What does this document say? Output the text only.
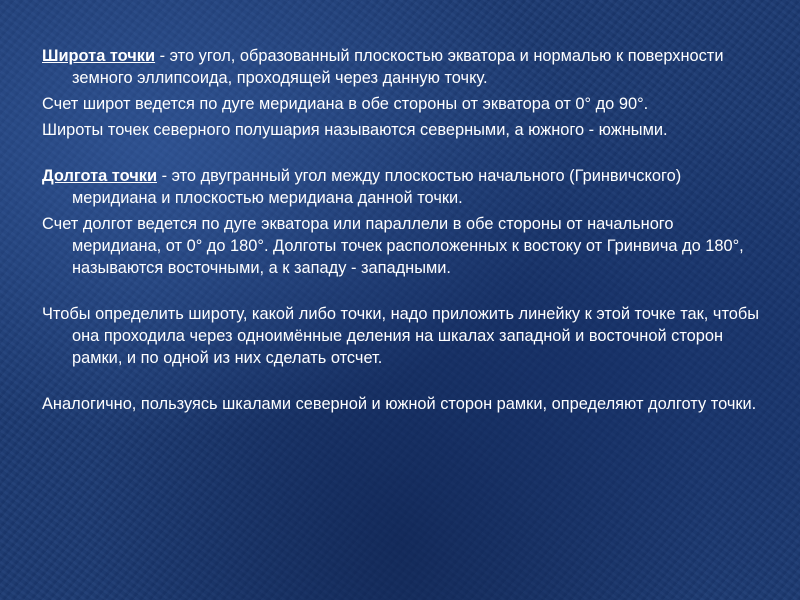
Широта точки - это угол, образованный плоскостью экватора и нормалью к поверхности земного эллипсоида, проходящей через данную точку.

Счет широт ведется по дуге меридиана в обе стороны от экватора от 0° до 90°.

Широты точек северного полушария называются северными, а южного - южными.

Долгота точки - это двугранный угол между плоскостью начального (Гринвичского) меридиана и плоскостью меридиана данной точки.

Счет долгот ведется по дуге экватора или параллели в обе стороны от начального меридиана, от 0° до 180°. Долготы точек расположенных к востоку от Гринвича до 180°, называются восточными, а к западу - западными.

Чтобы определить широту, какой либо точки, надо приложить линейку к этой точке так, чтобы она проходила через одноимённые деления на шкалах западной и восточной сторон рамки, и по одной из них сделать отсчет.

Аналогично, пользуясь шкалами северной и южной сторон рамки, определяют долготу точки.
